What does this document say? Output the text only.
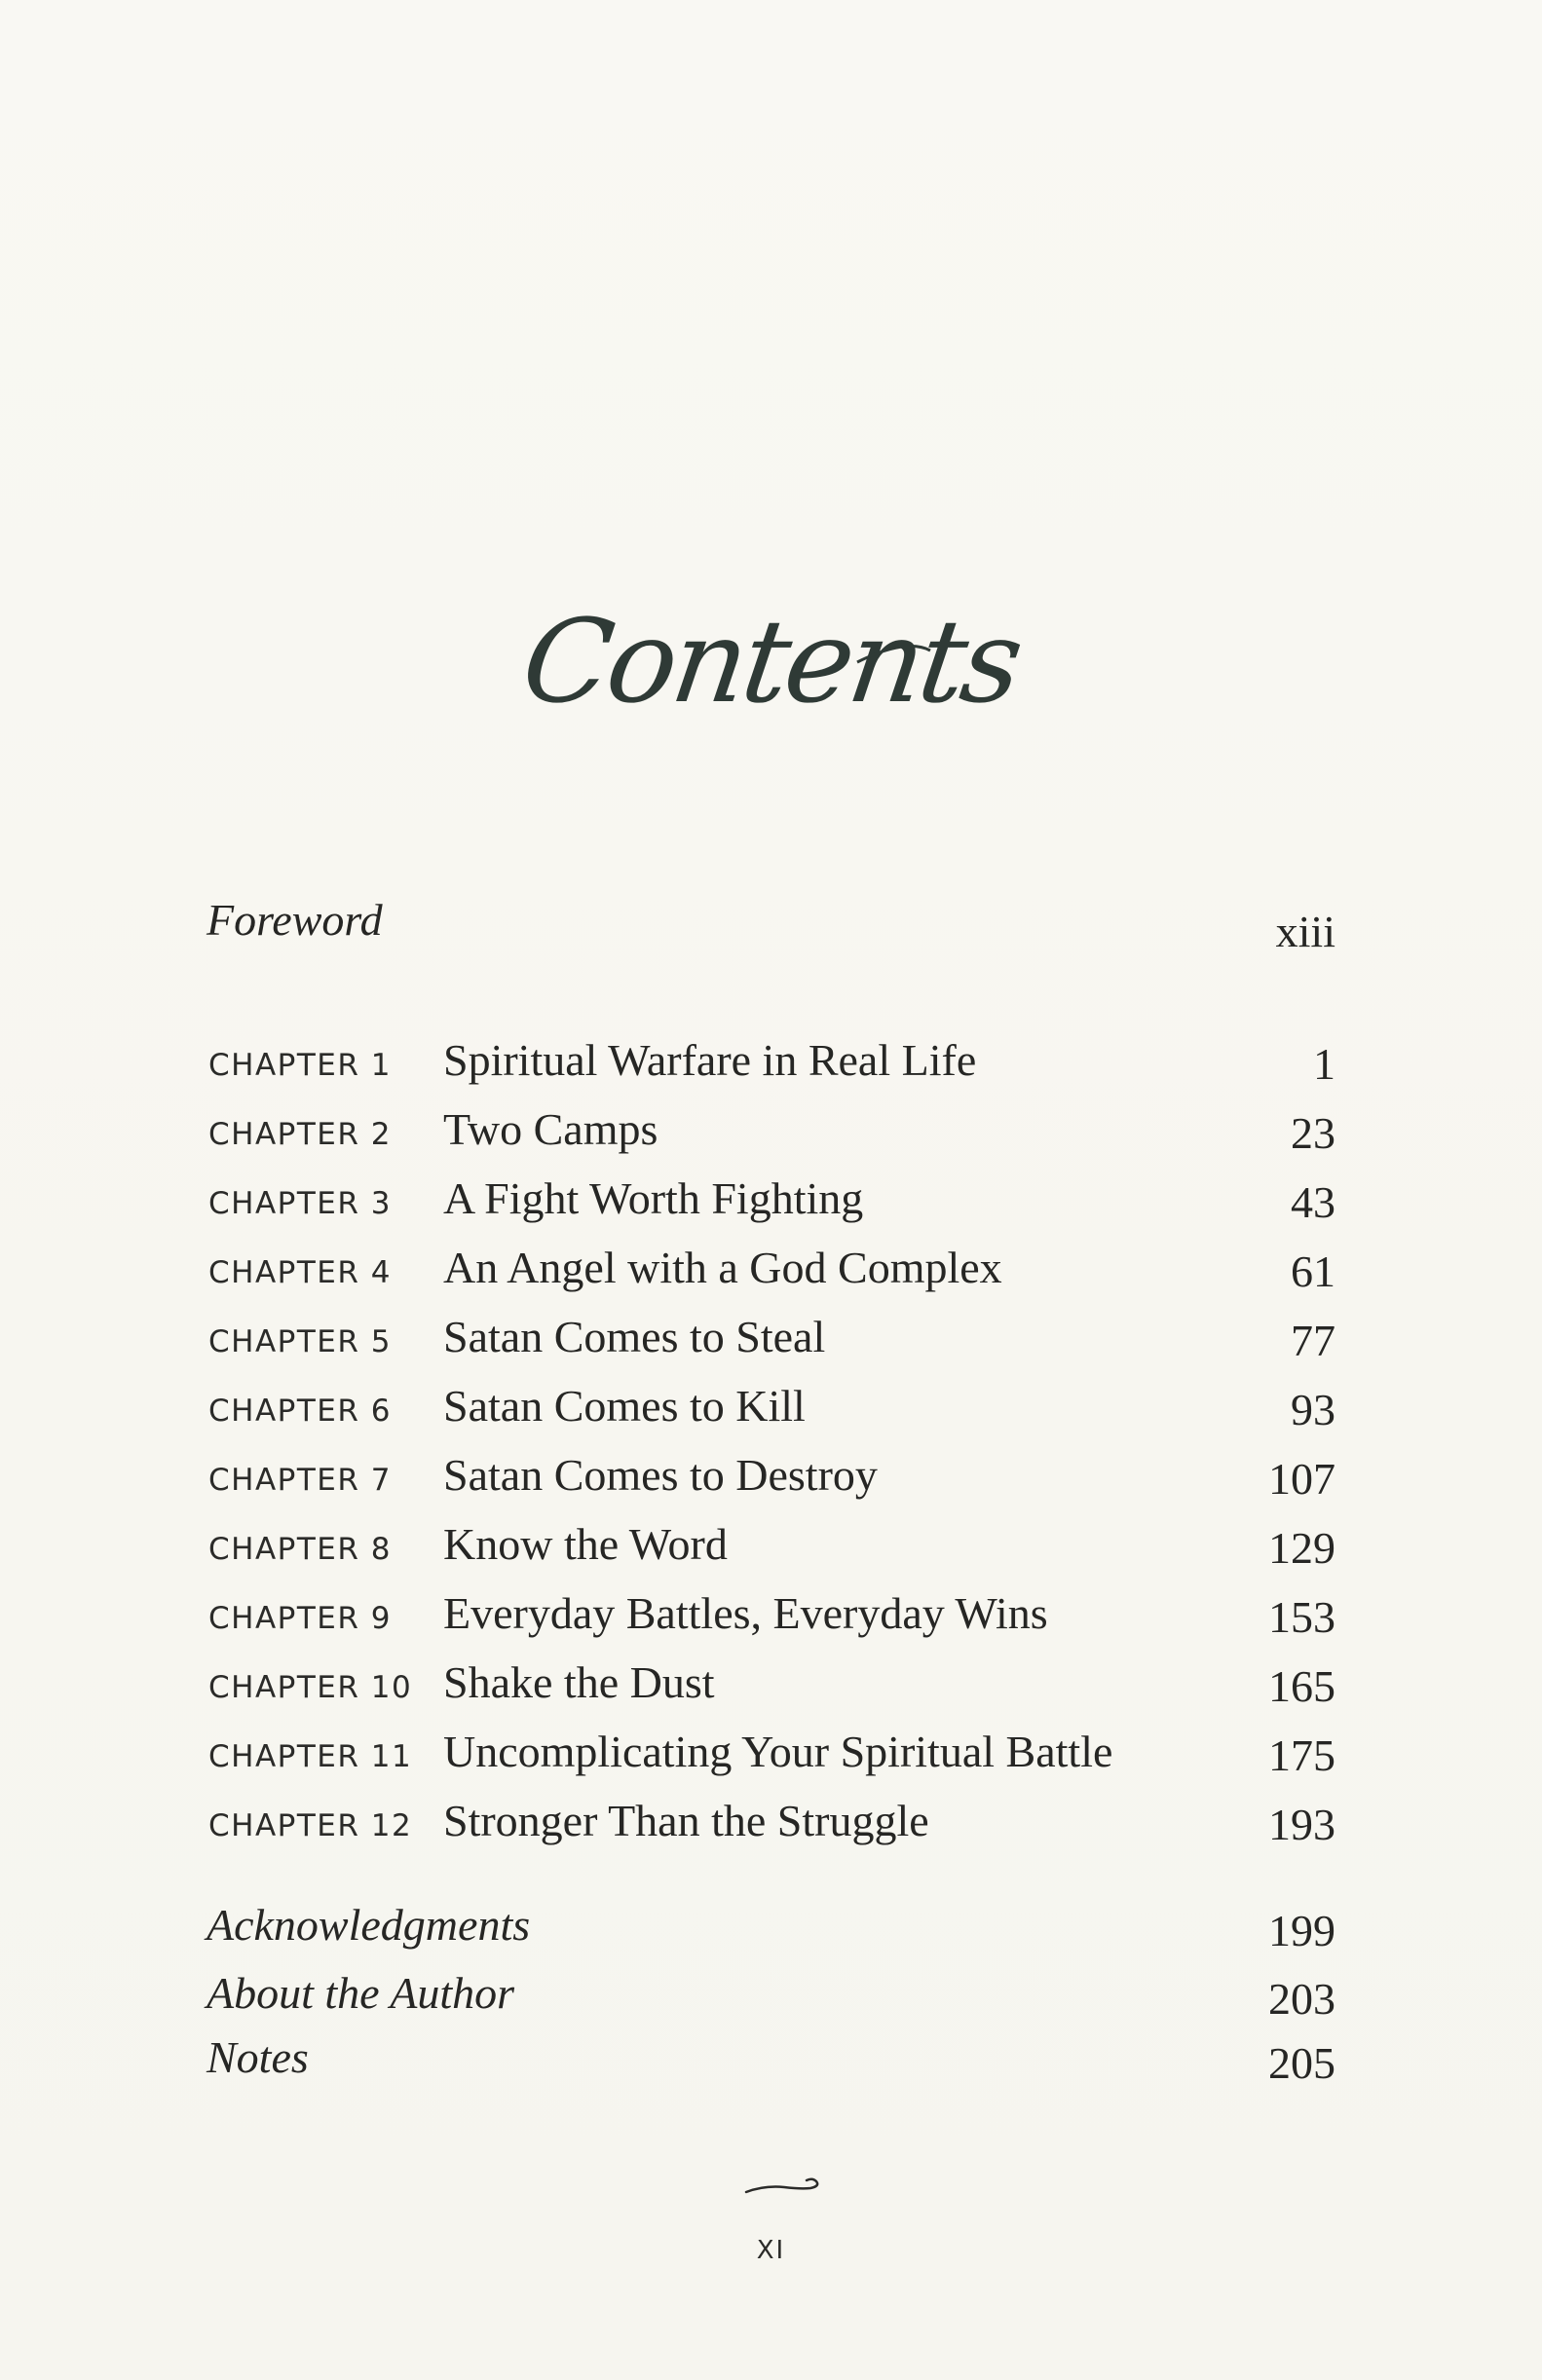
Contents
Foreword	xiii
CHAPTER 1 Spiritual Warfare in Real Life	1
CHAPTER 2 Two Camps	23
CHAPTER 3 A Fight Worth Fighting	43
CHAPTER 4 An Angel with a God Complex	61
CHAPTER 5 Satan Comes to Steal	77
CHAPTER 6 Satan Comes to Kill	93
CHAPTER 7 Satan Comes to Destroy	107
CHAPTER 8 Know the Word	129
CHAPTER 9 Everyday Battles, Everyday Wins	153
CHAPTER 10 Shake the Dust	165
CHAPTER 11 Uncomplicating Your Spiritual Battle	175
CHAPTER 12 Stronger Than the Struggle	193
Acknowledgments	199
About the Author	203
Notes	205
XI
